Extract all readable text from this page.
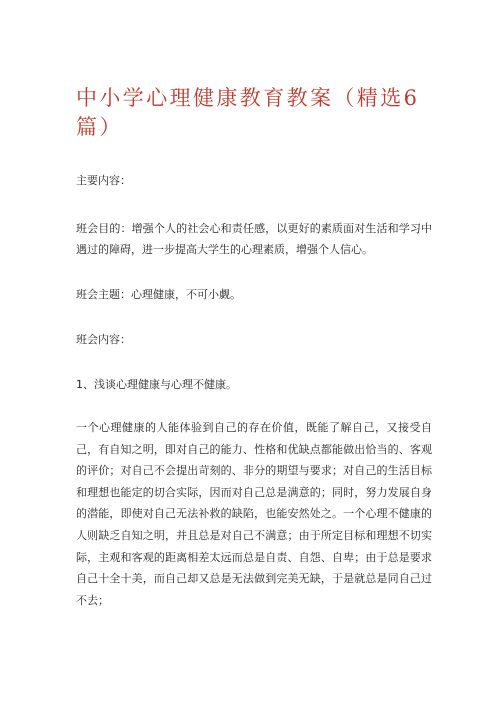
中小学心理健康教育教案（精选6篇）

主要内容：

班会目的：增强个人的社会心和责任感，以更好的素质面对生活和学习中遇过的障碍，进一步提高大学生的心理素质，增强个人信心。

班会主题：心理健康，不可小觑。

班会内容：

1、浅谈心理健康与心理不健康。

一个心理健康的人能体验到自己的存在价值，既能了解自己，又接受自己，有自知之明，即对自己的能力、性格和优缺点都能做出恰当的、客观的评价；对自己不会提出苛刻的、非分的期望与要求；对自己的生活目标和理想也能定的切合实际，因而对自己总是满意的；同时，努力发展自身的潜能，即使对自己无法补救的缺陷，也能安然处之。一个心理不健康的人则缺乏自知之明，并且总是对自己不满意；由于所定目标和理想不切实际，主观和客观的距离相差太远而总是自责、自怨、自卑；由于总是要求自己十全十美，而自己却又总是无法做到完美无缺，于是就总是同自己过不去；
